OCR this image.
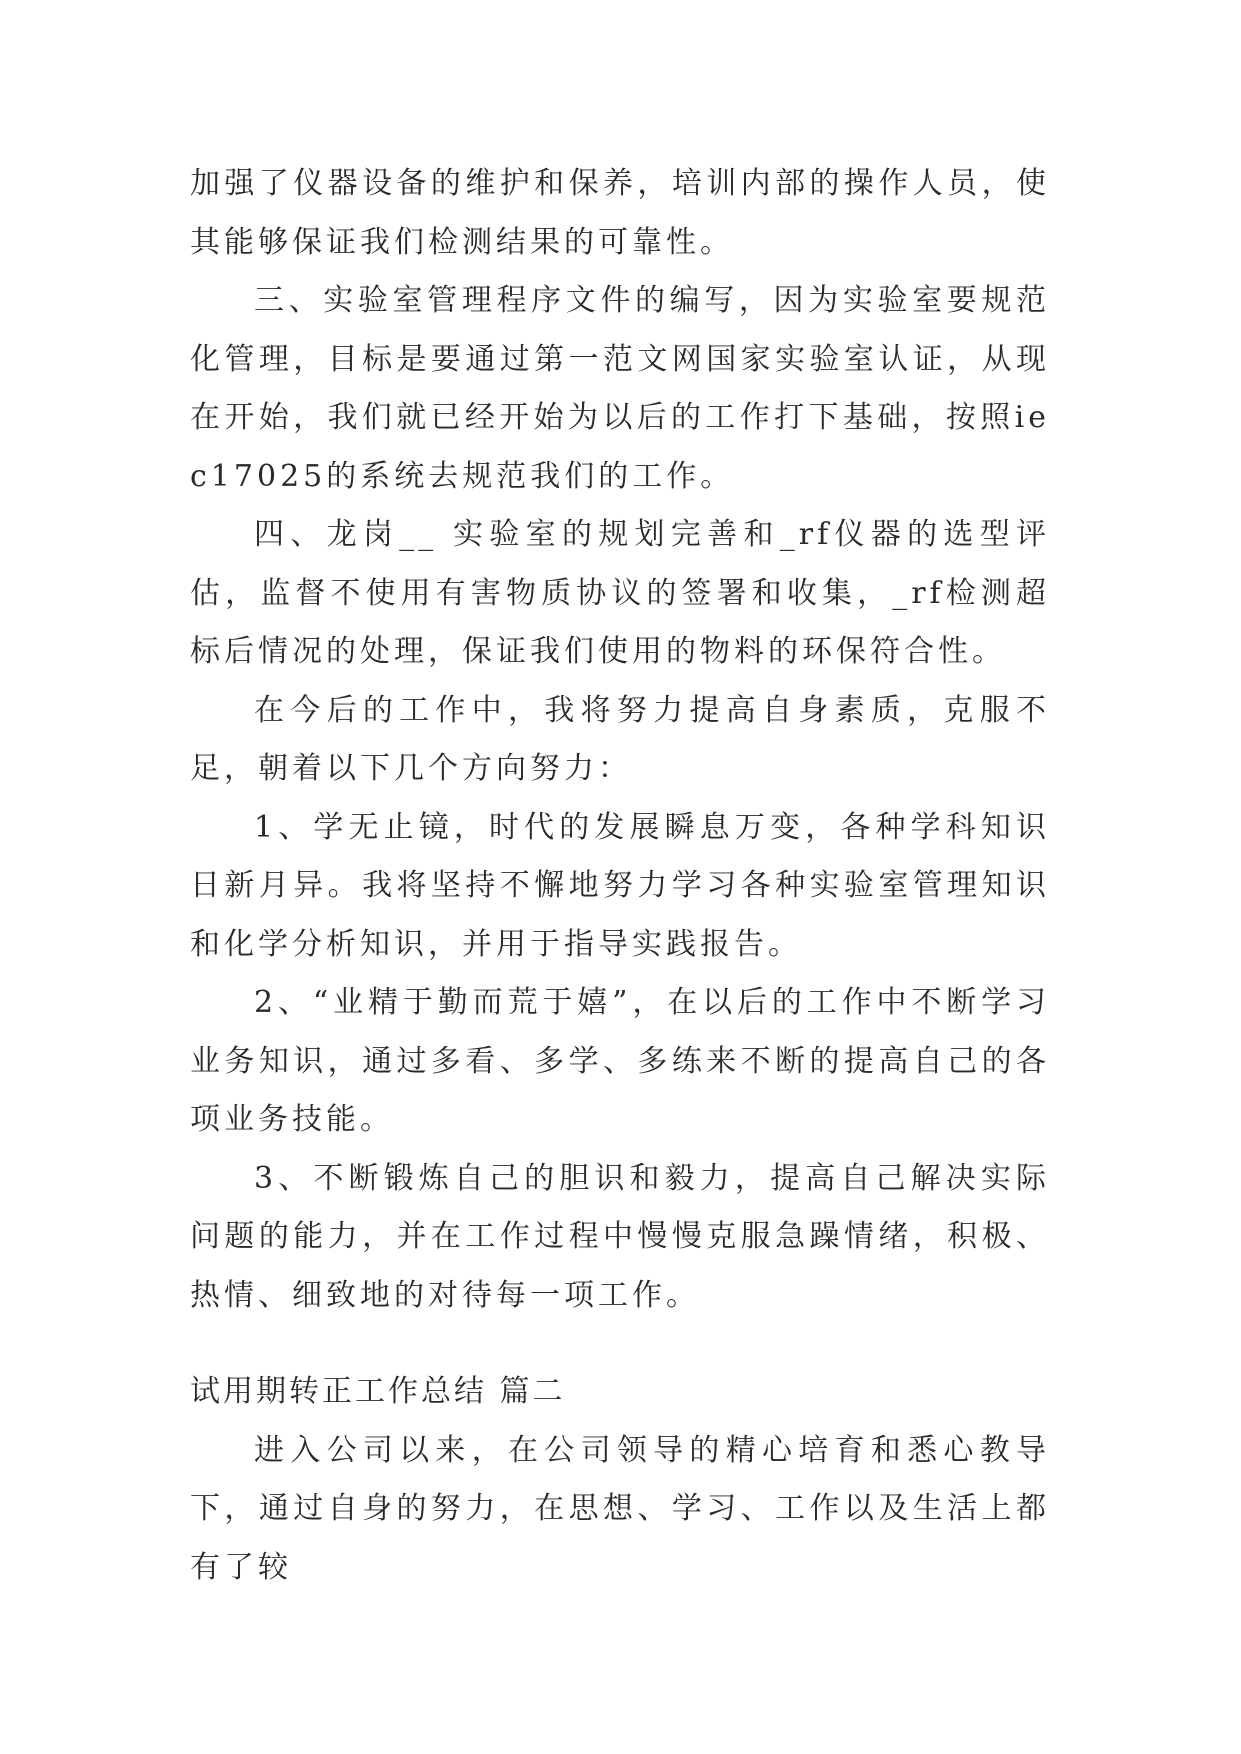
加强了仪器设备的维护和保养，培训内部的操作人员，使其能够保证我们检测结果的可靠性。

三、实验室管理程序文件的编写，因为实验室要规范化管理，目标是要通过第一范文网国家实验室认证，从现在开始，我们就已经开始为以后的工作打下基础，按照iec17025的系统去规范我们的工作。

四、龙岗__ 实验室的规划完善和_rf仪器的选型评估，监督不使用有害物质协议的签署和收集，_rf检测超标后情况的处理，保证我们使用的物料的环保符合性。

在今后的工作中，我将努力提高自身素质，克服不足，朝着以下几个方向努力：

1、学无止镜，时代的发展瞬息万变，各种学科知识日新月异。我将坚持不懈地努力学习各种实验室管理知识和化学分析知识，并用于指导实践报告。

2、“业精于勤而荒于嬉”，在以后的工作中不断学习业务知识，通过多看、多学、多练来不断的提高自己的各项业务技能。

3、不断锻炼自己的胆识和毅力，提高自己解决实际问题的能力，并在工作过程中慢慢克服急躁情绪，积极、热情、细致地的对待每一项工作。

试用期转正工作总结 篇二

进入公司以来，在公司领导的精心培育和悉心教导下，通过自身的努力，在思想、学习、工作以及生活上都有了较
